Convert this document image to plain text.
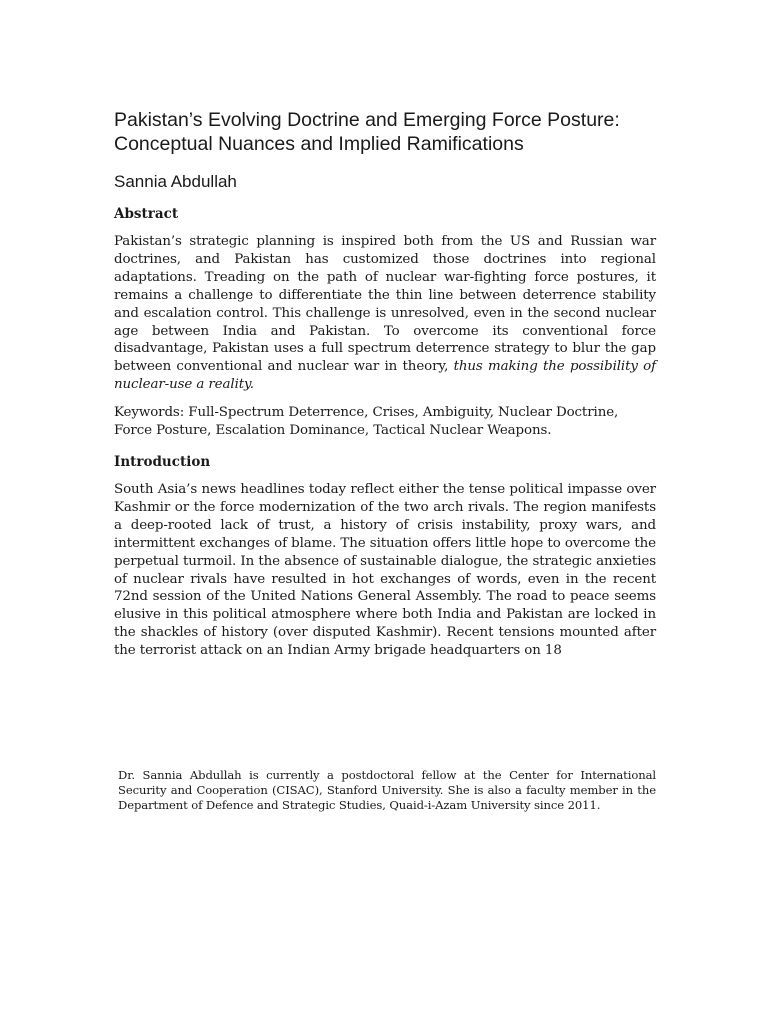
Pakistan’s Evolving Doctrine and Emerging Force Posture: Conceptual Nuances and Implied Ramifications
Sannia Abdullah
Abstract

Pakistan’s strategic planning is inspired both from the US and Russian war doctrines, and Pakistan has customized those doctrines into regional adaptations. Treading on the path of nuclear war-fighting force postures, it remains a challenge to differentiate the thin line between deterrence stability and escalation control. This challenge is unresolved, even in the second nuclear age between India and Pakistan. To overcome its conventional force disadvantage, Pakistan uses a full spectrum deterrence strategy to blur the gap between conventional and nuclear war in theory, thus making the possibility of nuclear-use a reality.

Keywords: Full-Spectrum Deterrence, Crises, Ambiguity, Nuclear Doctrine, Force Posture, Escalation Dominance, Tactical Nuclear Weapons.

Introduction

South Asia’s news headlines today reflect either the tense political impasse over Kashmir or the force modernization of the two arch rivals. The region manifests a deep-rooted lack of trust, a history of crisis instability, proxy wars, and intermittent exchanges of blame. The situation offers little hope to overcome the perpetual turmoil. In the absence of sustainable dialogue, the strategic anxieties of nuclear rivals have resulted in hot exchanges of words, even in the recent 72nd session of the United Nations General Assembly. The road to peace seems elusive in this political atmosphere where both India and Pakistan are locked in the shackles of history (over disputed Kashmir). Recent tensions mounted after the terrorist attack on an Indian Army brigade headquarters on 18

Dr. Sannia Abdullah is currently a postdoctoral fellow at the Center for International Security and Cooperation (CISAC), Stanford University. She is also a faculty member in the Department of Defence and Strategic Studies, Quaid-i-Azam University since 2011.
